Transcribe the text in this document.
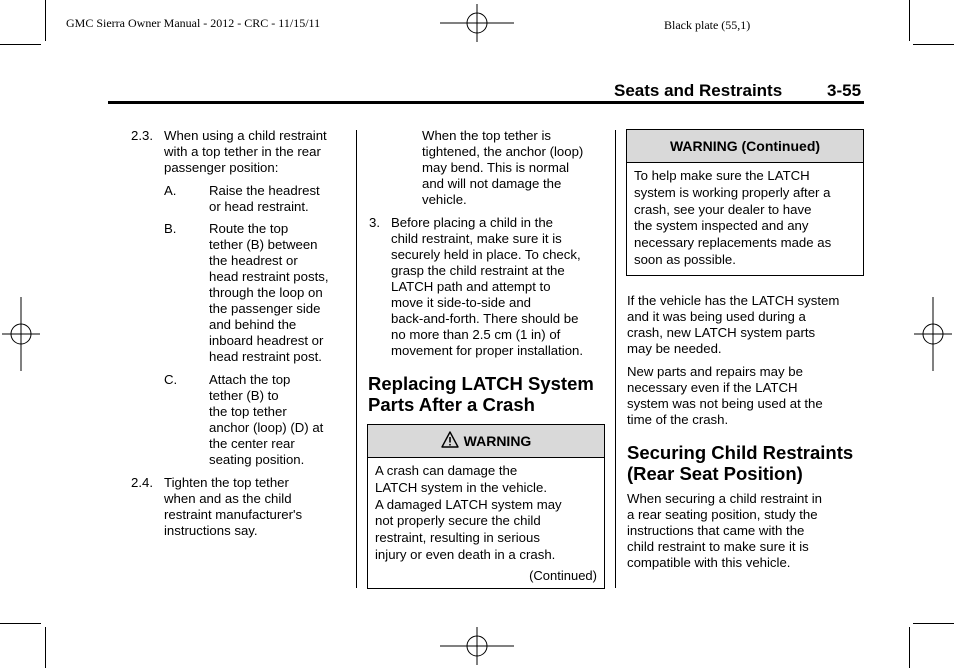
GMC Sierra Owner Manual - 2012 - CRC - 11/15/11	Black plate (55,1)
Seats and Restraints	3-55
2.3. When using a child restraint
with a top tether in the rear
passenger position:
A. Raise the headrest
or head restraint.
B. Route the top
tether (B) between
the headrest or
head restraint posts,
through the loop on
the passenger side
and behind the
inboard headrest or
head restraint post.
C. Attach the top
tether (B) to
the top tether
anchor (loop) (D) at
the center rear
seating position.
2.4. Tighten the top tether
when and as the child
restraint manufacturer's
instructions say.
When the top tether is
tightened, the anchor (loop)
may bend. This is normal
and will not damage the
vehicle.
3. Before placing a child in the
child restraint, make sure it is
securely held in place. To check,
grasp the child restraint at the
LATCH path and attempt to
move it side-to-side and
back-and-forth. There should be
no more than 2.5 cm (1 in) of
movement for proper installation.
Replacing LATCH System
Parts After a Crash
WARNING
A crash can damage the
LATCH system in the vehicle.
A damaged LATCH system may
not properly secure the child
restraint, resulting in serious
injury or even death in a crash.
(Continued)
WARNING (Continued)
To help make sure the LATCH
system is working properly after a
crash, see your dealer to have
the system inspected and any
necessary replacements made as
soon as possible.
If the vehicle has the LATCH system
and it was being used during a
crash, new LATCH system parts
may be needed.
New parts and repairs may be
necessary even if the LATCH
system was not being used at the
time of the crash.
Securing Child Restraints
(Rear Seat Position)
When securing a child restraint in
a rear seating position, study the
instructions that came with the
child restraint to make sure it is
compatible with this vehicle.
